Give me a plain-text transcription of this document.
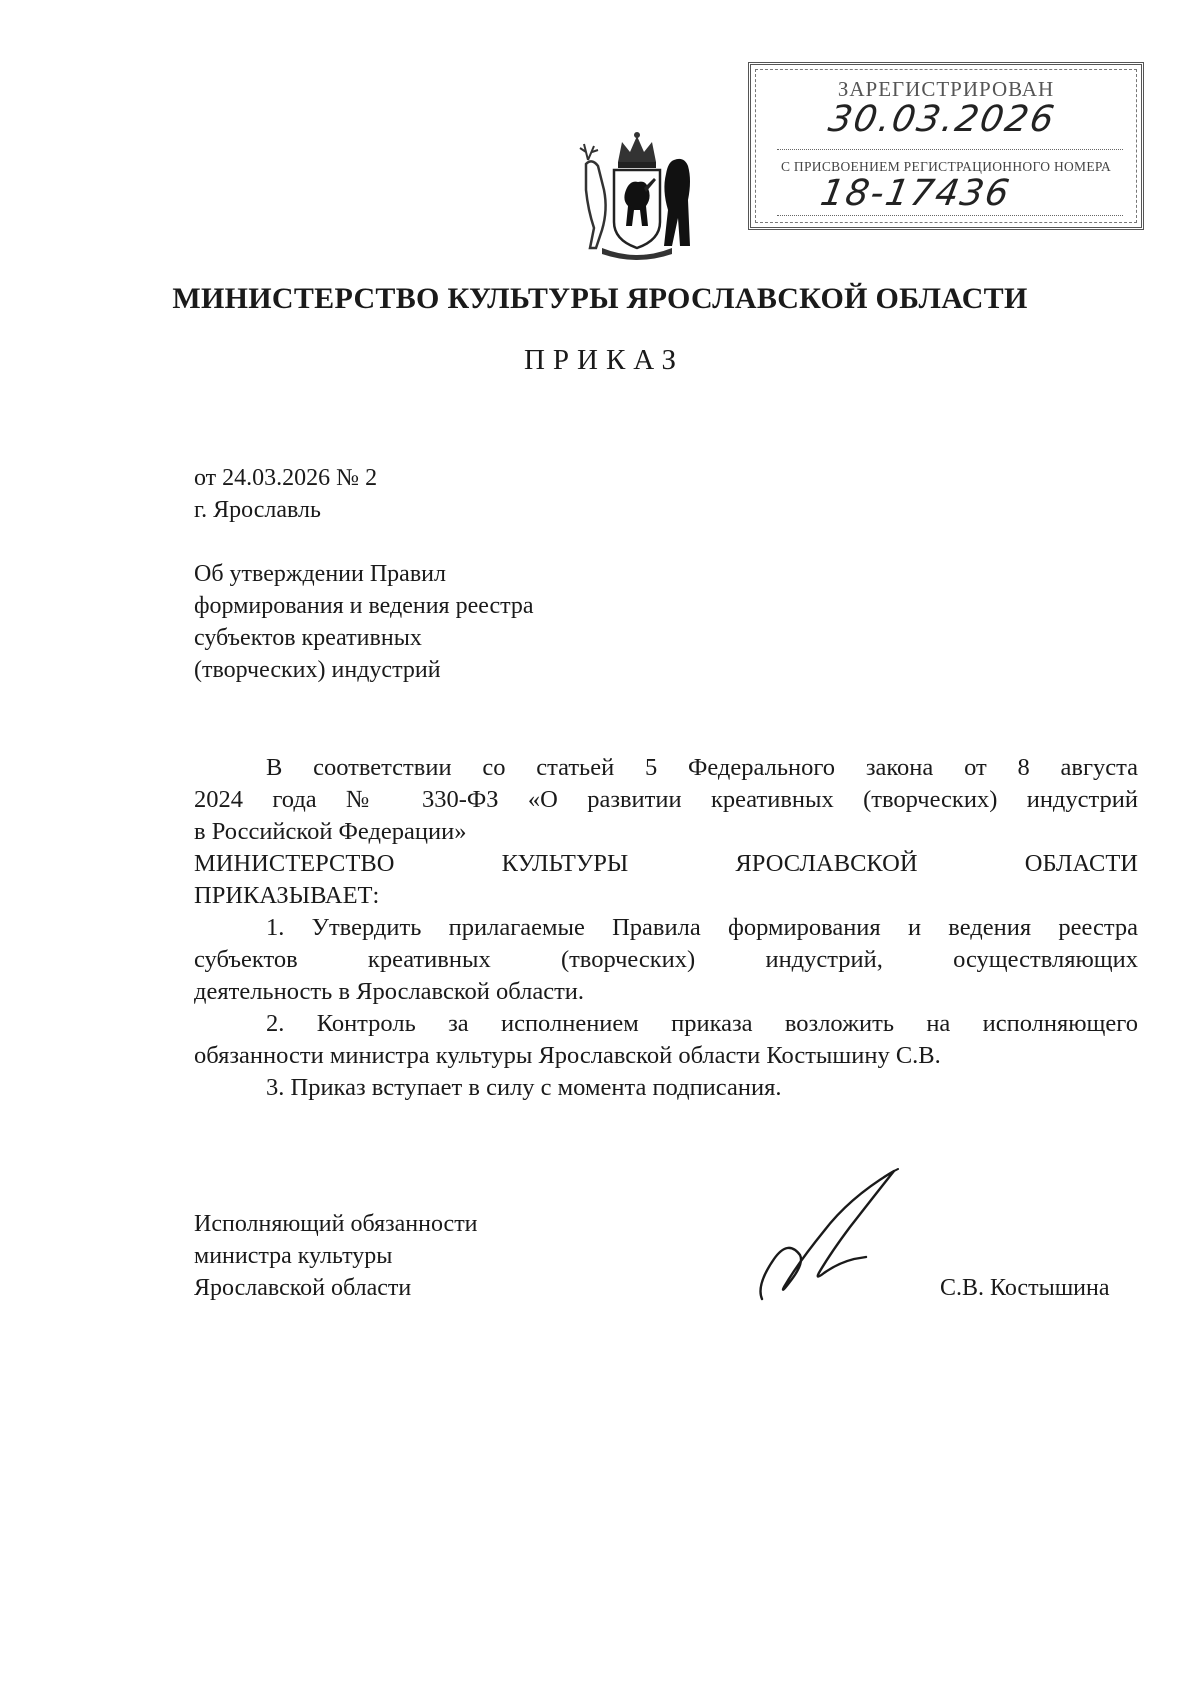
ЗАРЕГИСТРИРОВАН
30.03.2026
С ПРИСВОЕНИЕМ РЕГИСТРАЦИОННОГО НОМЕРА
18-17436
МИНИСТЕРСТВО КУЛЬТУРЫ ЯРОСЛАВСКОЙ ОБЛАСТИ
ПРИКАЗ
от 24.03.2026 № 2
г. Ярославль
Об утверждении Правил
формирования и ведения реестра
субъектов креативных
(творческих) индустрий
В соответствии со статьей 5 Федерального закона от 8 августа
2024 года № 330-ФЗ «О развитии креативных (творческих) индустрий
в Российской Федерации»
МИНИСТЕРСТВО КУЛЬТУРЫ ЯРОСЛАВСКОЙ ОБЛАСТИ
ПРИКАЗЫВАЕТ:
1. Утвердить прилагаемые Правила формирования и ведения реестра
субъектов креативных (творческих) индустрий, осуществляющих
деятельность в Ярославской области.
2. Контроль за исполнением приказа возложить на исполняющего
обязанности министра культуры Ярославской области Костышину С.В.
3. Приказ вступает в силу с момента подписания.
Исполняющий обязанности
министра культуры
Ярославской области	С.В. Костышина
